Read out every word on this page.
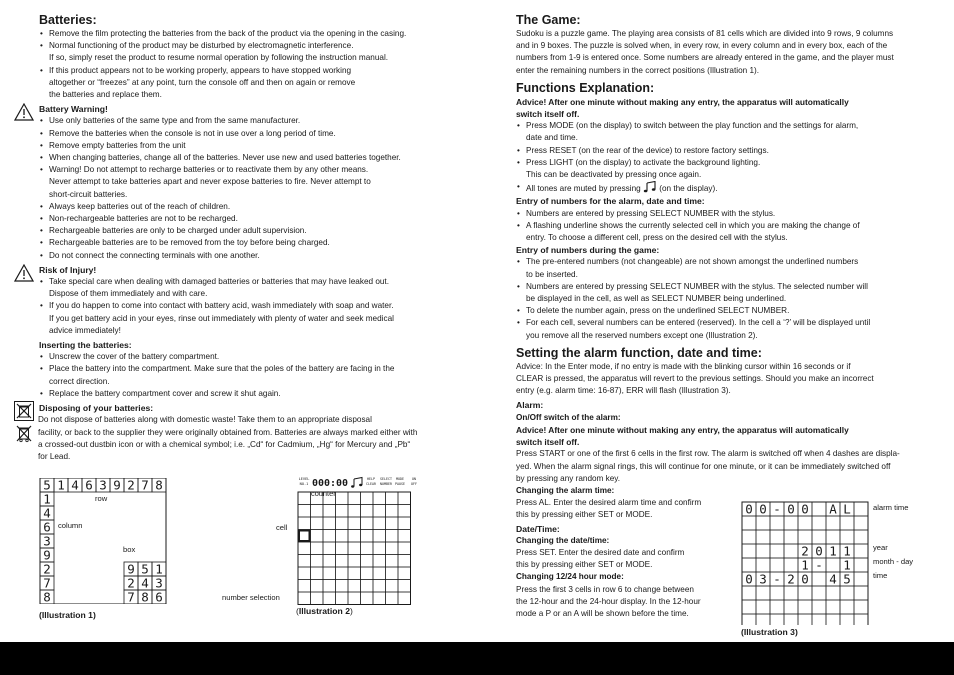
Batteries:
• Remove the film protecting the batteries from the back of the product via the opening in the casing.
• Normal functioning of the product may be disturbed by electromagnetic interference.
If so, simply reset the product to resume normal operation by following the instruction manual.
• If this product appears not to be working properly, appears to have stopped working
altogether or “freezes” at any point, turn the console off and then on again or remove
the batteries and replace them.
Battery Warning!
• Use only batteries of the same type and from the same manufacturer.
• Remove the batteries when the console is not in use over a long period of time.
• Remove empty batteries from the unit
• When changing batteries, change all of the batteries. Never use new and used batteries together.
• Warning! Do not attempt to recharge batteries or to reactivate them by any other means.
Never attempt to take batteries apart and never expose batteries to fire. Never attempt to
short-circuit batteries.
• Always keep batteries out of the reach of children.
• Non-rechargeable batteries are not to be recharged.
• Rechargeable batteries are only to be charged under adult supervision.
• Rechargeable batteries are to be removed from the toy before being charged.
• Do not connect the connecting terminals with one another.
Risk of Injury!
• Take special care when dealing with damaged batteries or batteries that may have leaked out.
Dispose of them immediately and with care.
• If you do happen to come into contact with battery acid, wash immediately with soap and water.
If you get battery acid in your eyes, rinse out immediately with plenty of water and seek medical
advice immediately!
Inserting the batteries:
• Unscrew the cover of the battery compartment.
• Place the battery into the compartment. Make sure that the poles of the battery are facing in the
correct direction.
• Replace the battery compartment cover and screw it shut again.
Disposing of your batteries:

Do not dispose of batteries along with domestic waste! Take them to an appropriate disposal
facility, or back to the supplier they were originally obtained from. Batteries are always marked either with
a crossed-out dustbin icon or with a chemical symbol; i.e. „Cd“ for Cadmium, „Hg“ for Mercury and „Pb“
for Lead.

5 1 4 6 3 9 2 7 8
1
4
6
3
9
2
7
8
9 5 1
2 4 3
7 8 6
row
column
box
(Illustration 1)
LEVEL
NO.1 000:00	HELP
CLEAR
SELECT
NUMBER
MODE
PAUSE
ON
OFF
counter
cell
number selection
(Illustration 2)
The Game:

Sudoku is a puzzle game. The playing area consists of 81 cells which are divided into 9 rows, 9 columns
and in 9 boxes. The puzzle is solved when, in every row, in every column and in every box, each of the
numbers from 1-9 is entered once. Some numbers are already entered in the game, and the player must
enter the remaining numbers in the correct positions (Illustration 1).

Functions Explanation:

Advice! After one minute without making any entry, the apparatus will automatically
switch itself off.

• Press MODE (on the display) to switch between the play function and the settings for alarm,
date and time.
• Press RESET (on the rear of the device) to restore factory settings.
• Press LIGHT (on the display) to activate the background lighting.
This can be deactivated by pressing once again.
• All tones are muted by pressing (on the display).
Entry of numbers for the alarm, date and time:
• Numbers are entered by pressing SELECT NUMBER with the stylus.
• A flashing underline shows the currently selected cell in which you are making the change of
entry. To choose a different cell, press on the desired cell with the stylus.
Entry of numbers during the game:
• The pre-entered numbers (not changeable) are not shown amongst the underlined numbers
to be inserted.
• Numbers are entered by pressing SELECT NUMBER with the stylus. The selected number will
be displayed in the cell, as well as SELECT NUMBER being underlined.
• To delete the number again, press on the underlined SELECT NUMBER.
• For each cell, several numbers can be entered (reserved). In the cell a ‘?’ will be displayed until
you remove all the reserved numbers except one (Illustration 2).
Setting the alarm function, date and time:

Advice: In the Enter mode, if no entry is made with the blinking cursor within 16 seconds or if
CLEAR is pressed, the apparatus will revert to the previous settings. Should you make an incorrect
entry (e.g. alarm time: 16-87), ERR will flash (Illustration 3).

Alarm:
On/Off switch of the alarm:

Advice! After one minute without making any entry, the apparatus will automatically
switch itself off.

Press START or one of the first 6 cells in the first row. The alarm is switched off when 4 dashes are displa-
yed. When the alarm signal rings, this will continue for one minute, or it can be immediately switched off
by pressing any random key.

Changing the alarm time:

Press AL. Enter the desired alarm time and confirm
this by pressing either SET or MODE.

Date/Time:
Changing the date/time:

Press SET. Enter the desired date and confirm
this by pressing either SET or MODE.

Changing 12/24 hour mode:

Press the first 3 cells in row 6 to change between
the 12-hour and the 24-hour display. In the 12-hour
mode a P or an A will be shown before the time.

0 0 - 0 0 A L
2 0 1 1
1 - 1
0 3 - 2 0 4 5
alarm time
year
month - day
time
(Illustration 3)
